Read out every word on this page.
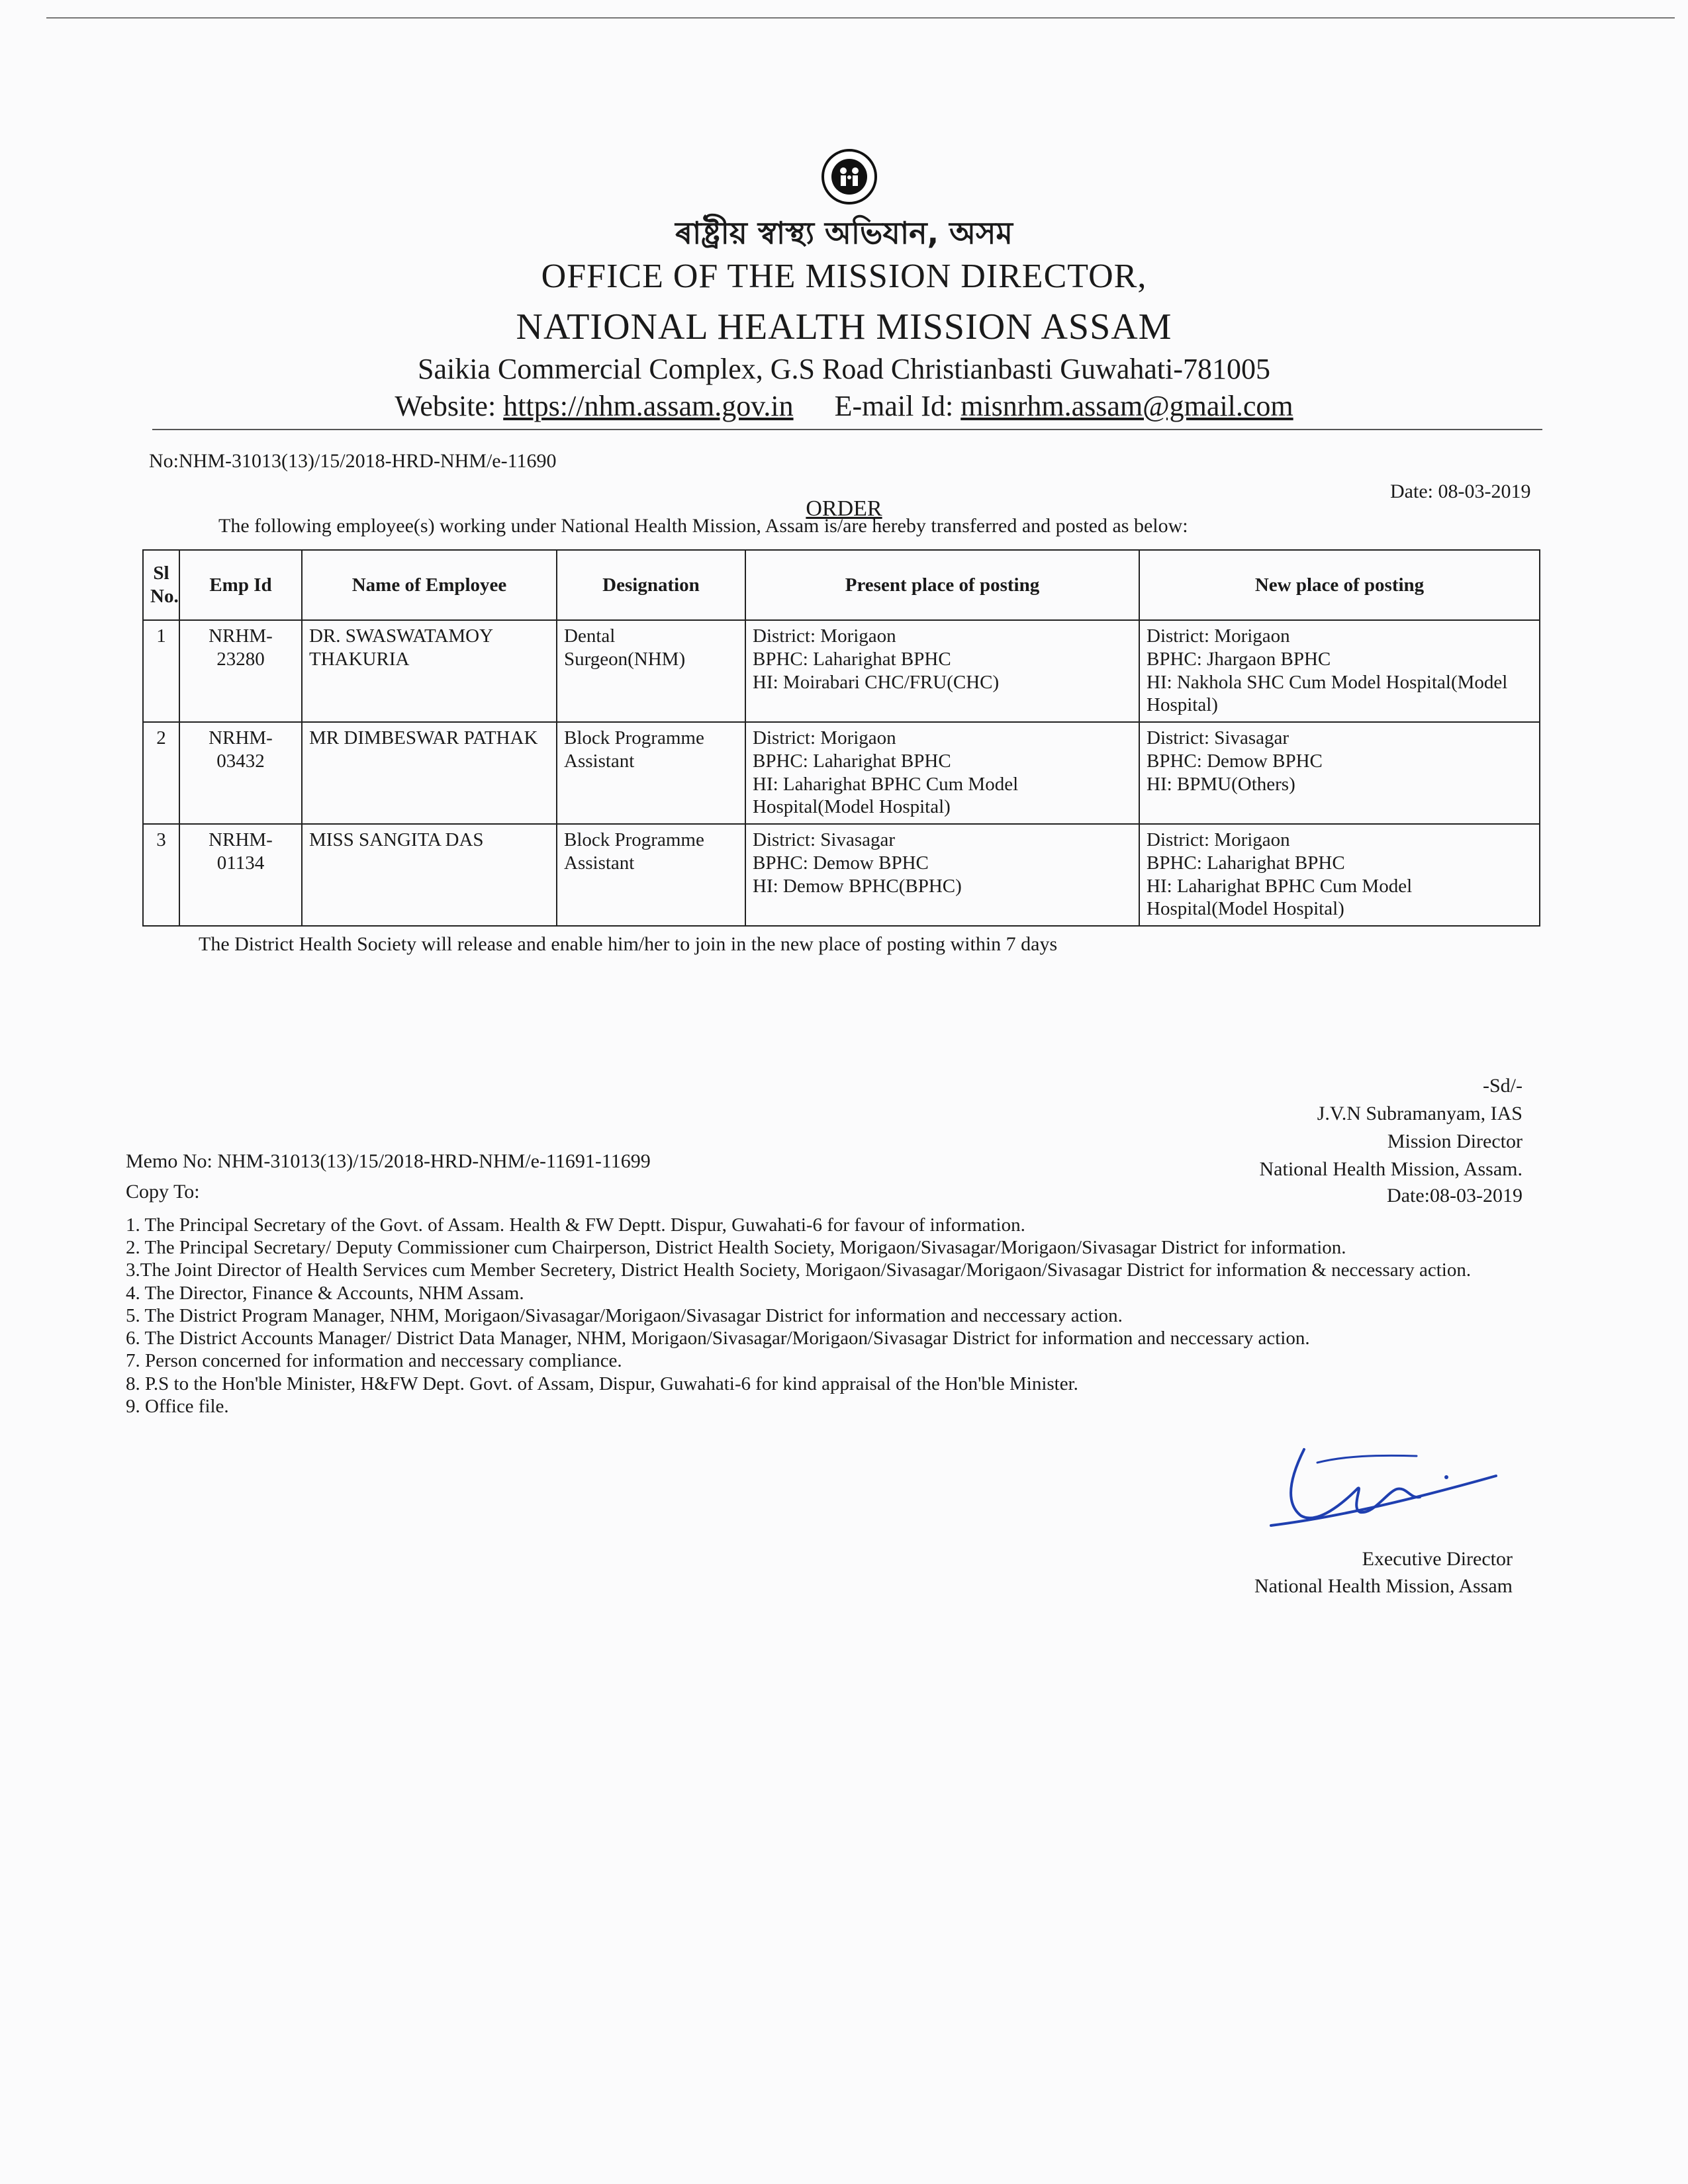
ৰাষ্ট্ৰীয় স্বাস্থ্য অভিযান, অসম
OFFICE OF THE MISSION DIRECTOR,
NATIONAL HEALTH MISSION ASSAM
Saikia Commercial Complex, G.S Road Christianbasti Guwahati-781005
Website: https://nhm.assam.gov.in E-mail Id: misnrhm.assam@gmail.com
No:NHM-31013(13)/15/2018-HRD-NHM/e-11690
Date: 08-03-2019
ORDER
The following employee(s) working under National Health Mission, Assam is/are hereby transferred and posted as below:
Sl No.	Emp Id	Name of Employee	Designation	Present place of posting	New place of posting
1	NRHM-23280	DR. SWASWATAMOY THAKURIA	Dental Surgeon(NHM)	District: Morigaon
BPHC: Laharighat BPHC
HI: Moirabari CHC/FRU(CHC)	District: Morigaon
BPHC: Jhargaon BPHC
HI: Nakhola SHC Cum Model Hospital(Model Hospital)

2	NRHM-03432	MR DIMBESWAR PATHAK	Block Programme Assistant	District: Morigaon
BPHC: Laharighat BPHC
HI: Laharighat BPHC Cum Model Hospital(Model Hospital)	District: Sivasagar
BPHC: Demow BPHC
HI: BPMU(Others)

3	NRHM-01134	MISS SANGITA DAS	Block Programme Assistant	District: Sivasagar
BPHC: Demow BPHC
HI: Demow BPHC(BPHC)	District: Morigaon
BPHC: Laharighat BPHC
HI: Laharighat BPHC Cum Model Hospital(Model Hospital)
The District Health Society will release and enable him/her to join in the new place of posting within 7 days
-Sd/-
J.V.N Subramanyam, IAS
Mission Director
National Health Mission, Assam.
Memo No: NHM-31013(13)/15/2018-HRD-NHM/e-11691-11699
Date:08-03-2019
Copy To:
1. The Principal Secretary of the Govt. of Assam. Health & FW Deptt. Dispur, Guwahati-6 for favour of information.
2. The Principal Secretary/ Deputy Commissioner cum Chairperson, District Health Society, Morigaon/Sivasagar/Morigaon/Sivasagar District for information.
3.The Joint Director of Health Services cum Member Secretery, District Health Society, Morigaon/Sivasagar/Morigaon/Sivasagar District for information & neccessary action.
4. The Director, Finance & Accounts, NHM Assam.
5. The District Program Manager, NHM, Morigaon/Sivasagar/Morigaon/Sivasagar District for information and neccessary action.
6. The District Accounts Manager/ District Data Manager, NHM, Morigaon/Sivasagar/Morigaon/Sivasagar District for information and neccessary action.
7. Person concerned for information and neccessary compliance.
8. P.S to the Hon'ble Minister, H&FW Dept. Govt. of Assam, Dispur, Guwahati-6 for kind appraisal of the Hon'ble Minister.
9. Office file.
Executive Director
National Health Mission, Assam
